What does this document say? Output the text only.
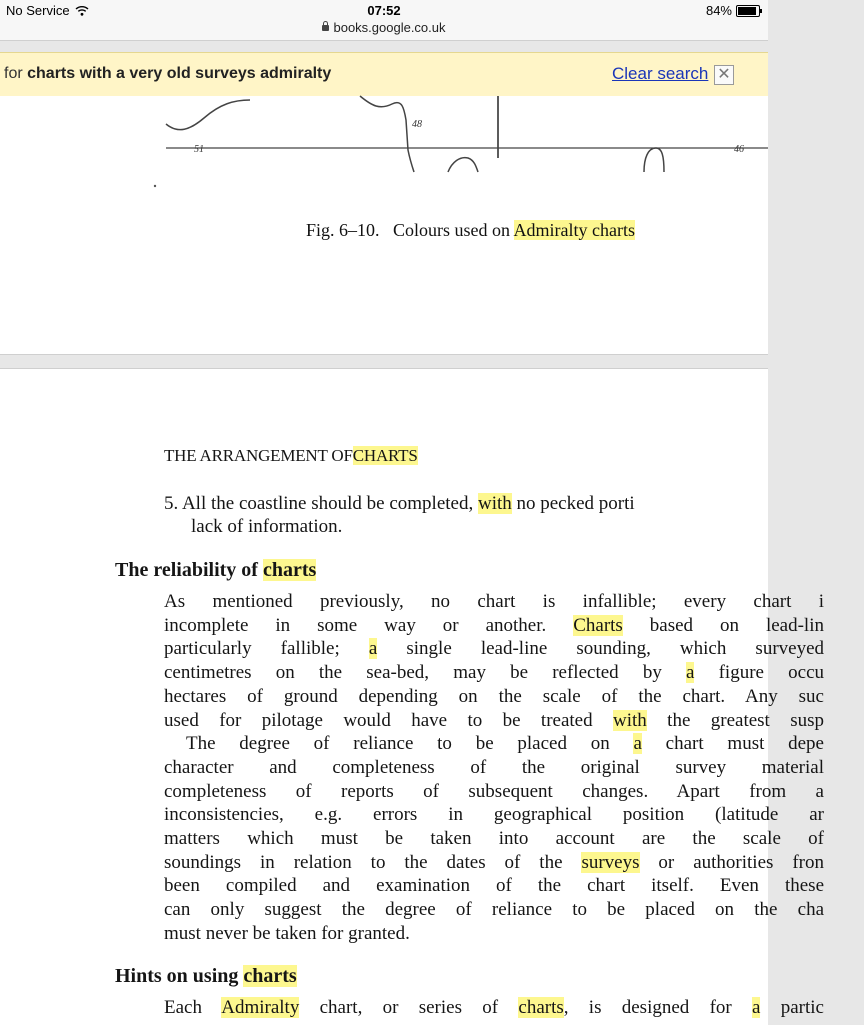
No Service	07:52	84%
books.google.co.uk
for charts with a very old surveys admiralty	Clear search ✕
48
51	46
Fig. 6–10. Colours used on Admiralty charts
THE ARRANGEMENT OFCHARTS
5. All the coastline should be completed, with no pecked porti
lack of information.
The reliability of charts
As mentioned previously, no chart is infallible; every chart i
incomplete in some way or another. Charts based on lead-lin
particularly fallible; a single lead-line sounding, which surveyed
centimetres on the sea-bed, may be reflected by a figure occu
hectares of ground depending on the scale of the chart. Any suc
used for pilotage would have to be treated with the greatest susp
The degree of reliance to be placed on a chart must depe
character and completeness of the original survey material
completeness of reports of subsequent changes. Apart from a
inconsistencies, e.g. errors in geographical position (latitude ar
matters which must be taken into account are the scale of
soundings in relation to the dates of the surveys or authorities fron
been compiled and examination of the chart itself. Even these
can only suggest the degree of reliance to be placed on the cha
must never be taken for granted.
Hints on using charts
Each Admiralty chart, or series of charts, is designed for a partic
